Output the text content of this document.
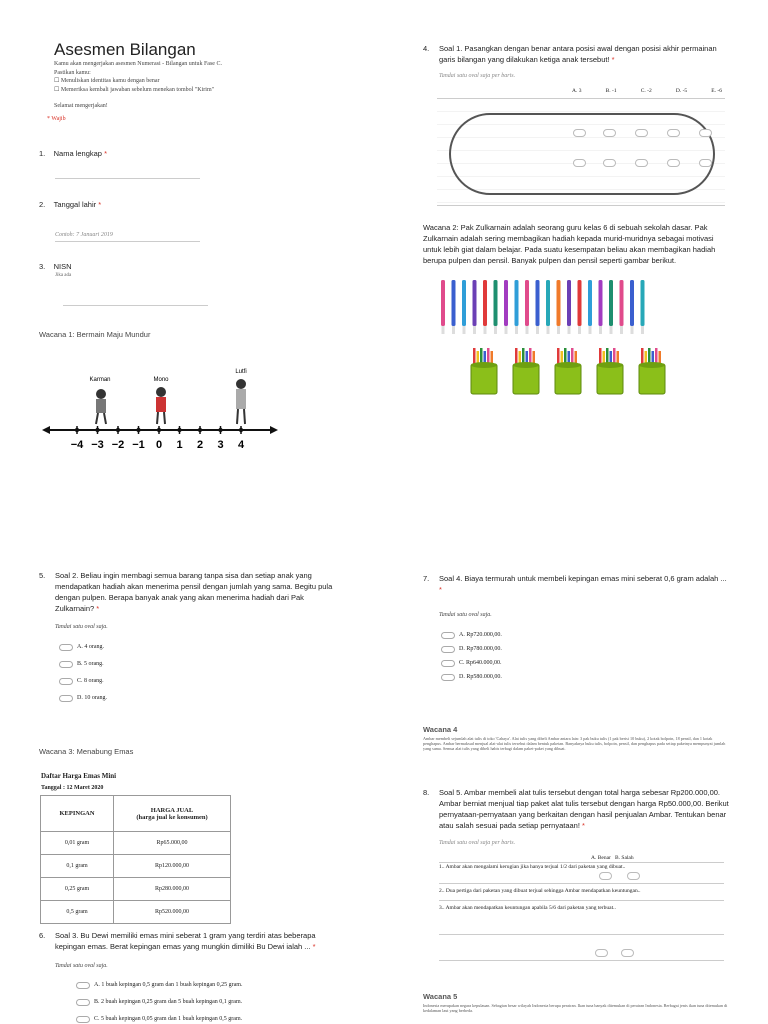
Asesmen Bilangan
Kamu akan mengerjakan asesmen Numerasi - Bilangan untuk Fase C.
Pastikan kamu:
☐ Menuliskan identitas kamu dengan benar
☐ Memeriksa kembali jawaban sebelum menekan tombol "Kirim"
Selamat mengerjakan!
* Wajib
1. Nama lengkap *
2. Tanggal lahir *
Contoh: 7 Januari 2019
3. NISN
Jika ada
Wacana 1: Bermain Maju Mundur
Karman	Mono
Lutfi
−4 −3 −2 −1 0 1 2 3 4
5. Soal 2. Beliau ingin membagi semua barang tanpa sisa dan setiap anak yang mendapatkan hadiah akan menerima pensil dengan jumlah yang sama. Begitu pula dengan pulpen. Berapa banyak anak yang akan menerima hadiah dari Pak Zulkarnain? *
Tandai satu oval saja.
A. 4 orang.
B. 5 orang.
C. 8 orang.
D. 10 orang.
Wacana 3: Menabung Emas
Daftar Harga Emas Mini
Tanggal : 12 Maret 2020
KEPINGAN	HARGA JUAL
(harga jual ke konsumen)

0,01 gram	Rp65.000,00
0,1 gram	Rp120.000,00
0,25 gram	Rp280.000,00
0,5 gram	Rp520.000,00
6. Soal 3. Bu Dewi memiliki emas mini seberat 1 gram yang terdiri atas beberapa kepingan emas. Berat kepingan emas yang mungkin dimiliki Bu Dewi ialah ... *
Tandai satu oval saja.
A. 1 buah kepingan 0,5 gram dan 1 buah kepingan 0,25 gram.
B. 2 buah kepingan 0,25 gram dan 5 buah kepingan 0,1 gram.
C. 5 buah kepingan 0,05 gram dan 1 buah kepingan 0,5 gram.
4. Soal 1. Pasangkan dengan benar antara posisi awal dengan posisi akhir permainan garis bilangan yang dilakukan ketiga anak tersebut! *
Tandai satu oval saja per baris.
A. 3	B. -1	C. -2	D. -5	E. -6
Wacana 2: Pak Zulkarnain adalah seorang guru kelas 6 di sebuah sekolah dasar. Pak Zulkarnain adalah sering membagikan hadiah kepada murid-muridnya sebagai motivasi untuk lebih giat dalam belajar. Pada suatu kesempatan beliau akan membagikan hadiah berupa pulpen dan pensil. Banyak pulpen dan pensil seperti gambar berikut.
7. Soal 4. Biaya termurah untuk membeli kepingan emas mini seberat 0,6 gram adalah ... *
Tandai satu oval saja.
A. Rp720.000,00.
D. Rp780.000,00.
C. Rp640.000,00.
D. Rp580.000,00.
Wacana 4
Ambar membeli sejumlah alat tulis di toko 'Cahaya'. Alat tulis yang dibeli Ambar antara lain: 3 pak buku tulis (1 pak berisi 10 buku), 2 kotak bolpoin, 18 pensil, dan 1 kotak penghapus. Ambar bermaksud menjual alat-alat tulis tersebut dalam bentuk paketan. Banyaknya buku tulis, bolpoin, pensil, dan penghapus pada setiap paketnya mempunyai jumlah yang sama. Semua alat tulis yang dibeli habis terbagi dalam paket-paket yang dibuat.
8. Soal 5. Ambar membeli alat tulis tersebut dengan total harga sebesar Rp200.000,00. Ambar berniat menjual tiap paket alat tulis tersebut dengan harga Rp50.000,00. Berikut pernyataan-pernyataan yang berkaitan dengan hasil penjualan Ambar. Tentukan benar atau salah sesuai pada setiap pernyataan! *
Tandai satu oval saja per baris.
A. Benar B. Salah
1.. Ambar akan mengalami kerugian jika hanya terjual 1/2 dari paketan yang dibuat..
2.. Dua pertiga dari paketan yang dibuat terjual sehingga Ambar mendapatkan keuntungan..
3.. Ambar akan mendapatkan keuntungan apabila 5/6 dari paketan yang terbuat..
Wacana 5
Indonesia merupakan negara kepulauan. Sebagian besar wilayah Indonesia berupa perairan. Ikan tuna banyak ditemukan di perairan Indonesia. Berbagai jenis ikan tuna ditemukan di kedalaman laut yang berbeda.
